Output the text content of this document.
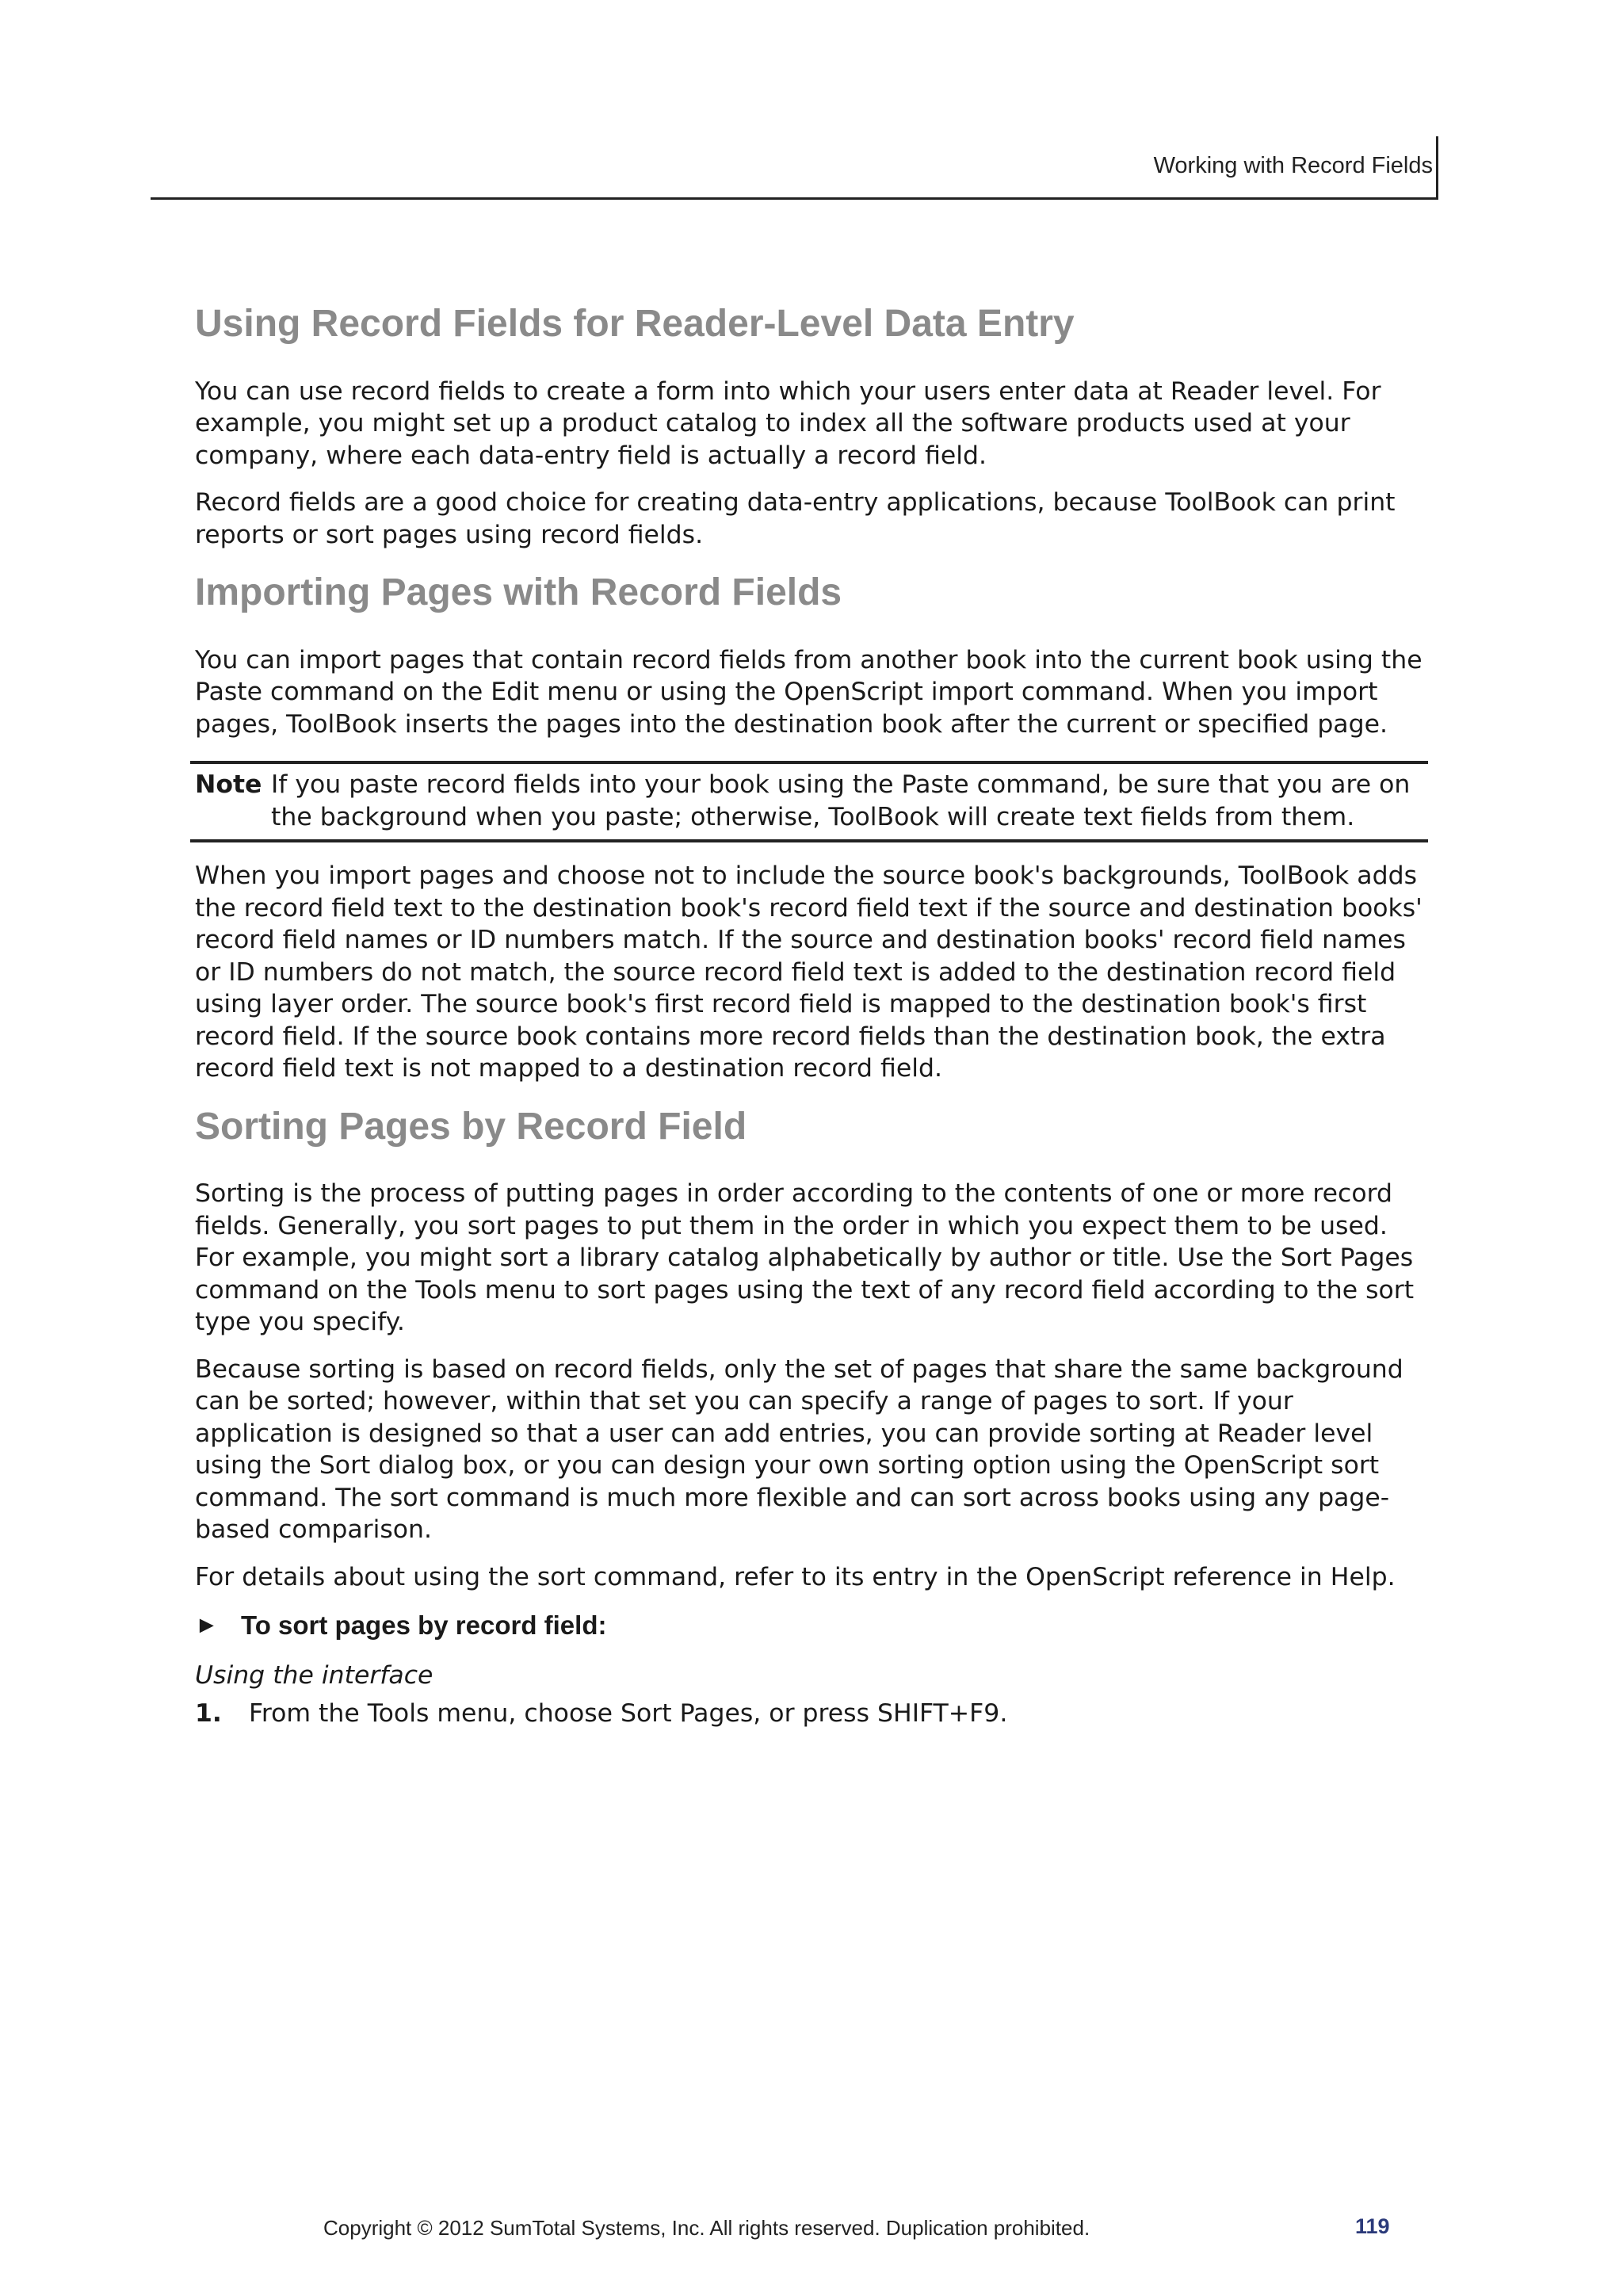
Working with Record Fields
Using Record Fields for Reader-Level Data Entry

You can use record fields to create a form into which your users enter data at Reader level. For example, you might set up a product catalog to index all the software products used at your company, where each data-entry field is actually a record field.

Record fields are a good choice for creating data-entry applications, because ToolBook can print reports or sort pages using record fields.

Importing Pages with Record Fields

You can import pages that contain record fields from another book into the current book using the Paste command on the Edit menu or using the OpenScript import command. When you import pages, ToolBook inserts the pages into the destination book after the current or specified page.

Note If you paste record fields into your book using the Paste command, be sure that you are on the background when you paste; otherwise, ToolBook will create text fields from them.

When you import pages and choose not to include the source book's backgrounds, ToolBook adds the record field text to the destination book's record field text if the source and destination books' record field names or ID numbers match. If the source and destination books' record field names or ID numbers do not match, the source record field text is added to the destination record field using layer order. The source book's first record field is mapped to the destination book's first record field. If the source book contains more record fields than the destination book, the extra record field text is not mapped to a destination record field.

Sorting Pages by Record Field

Sorting is the process of putting pages in order according to the contents of one or more record fields. Generally, you sort pages to put them in the order in which you expect them to be used. For example, you might sort a library catalog alphabetically by author or title. Use the Sort Pages command on the Tools menu to sort pages using the text of any record field according to the sort type you specify.

Because sorting is based on record fields, only the set of pages that share the same background can be sorted; however, within that set you can specify a range of pages to sort. If your application is designed so that a user can add entries, you can provide sorting at Reader level using the Sort dialog box, or you can design your own sorting option using the OpenScript sort command. The sort command is much more flexible and can sort across books using any page-based comparison.

For details about using the sort command, refer to its entry in the OpenScript reference in Help.

► To sort pages by record field:
Using the interface
1.	From the Tools menu, choose Sort Pages, or press SHIFT+F9.
Copyright © 2012 SumTotal Systems, Inc. All rights reserved. Duplication prohibited.	119
